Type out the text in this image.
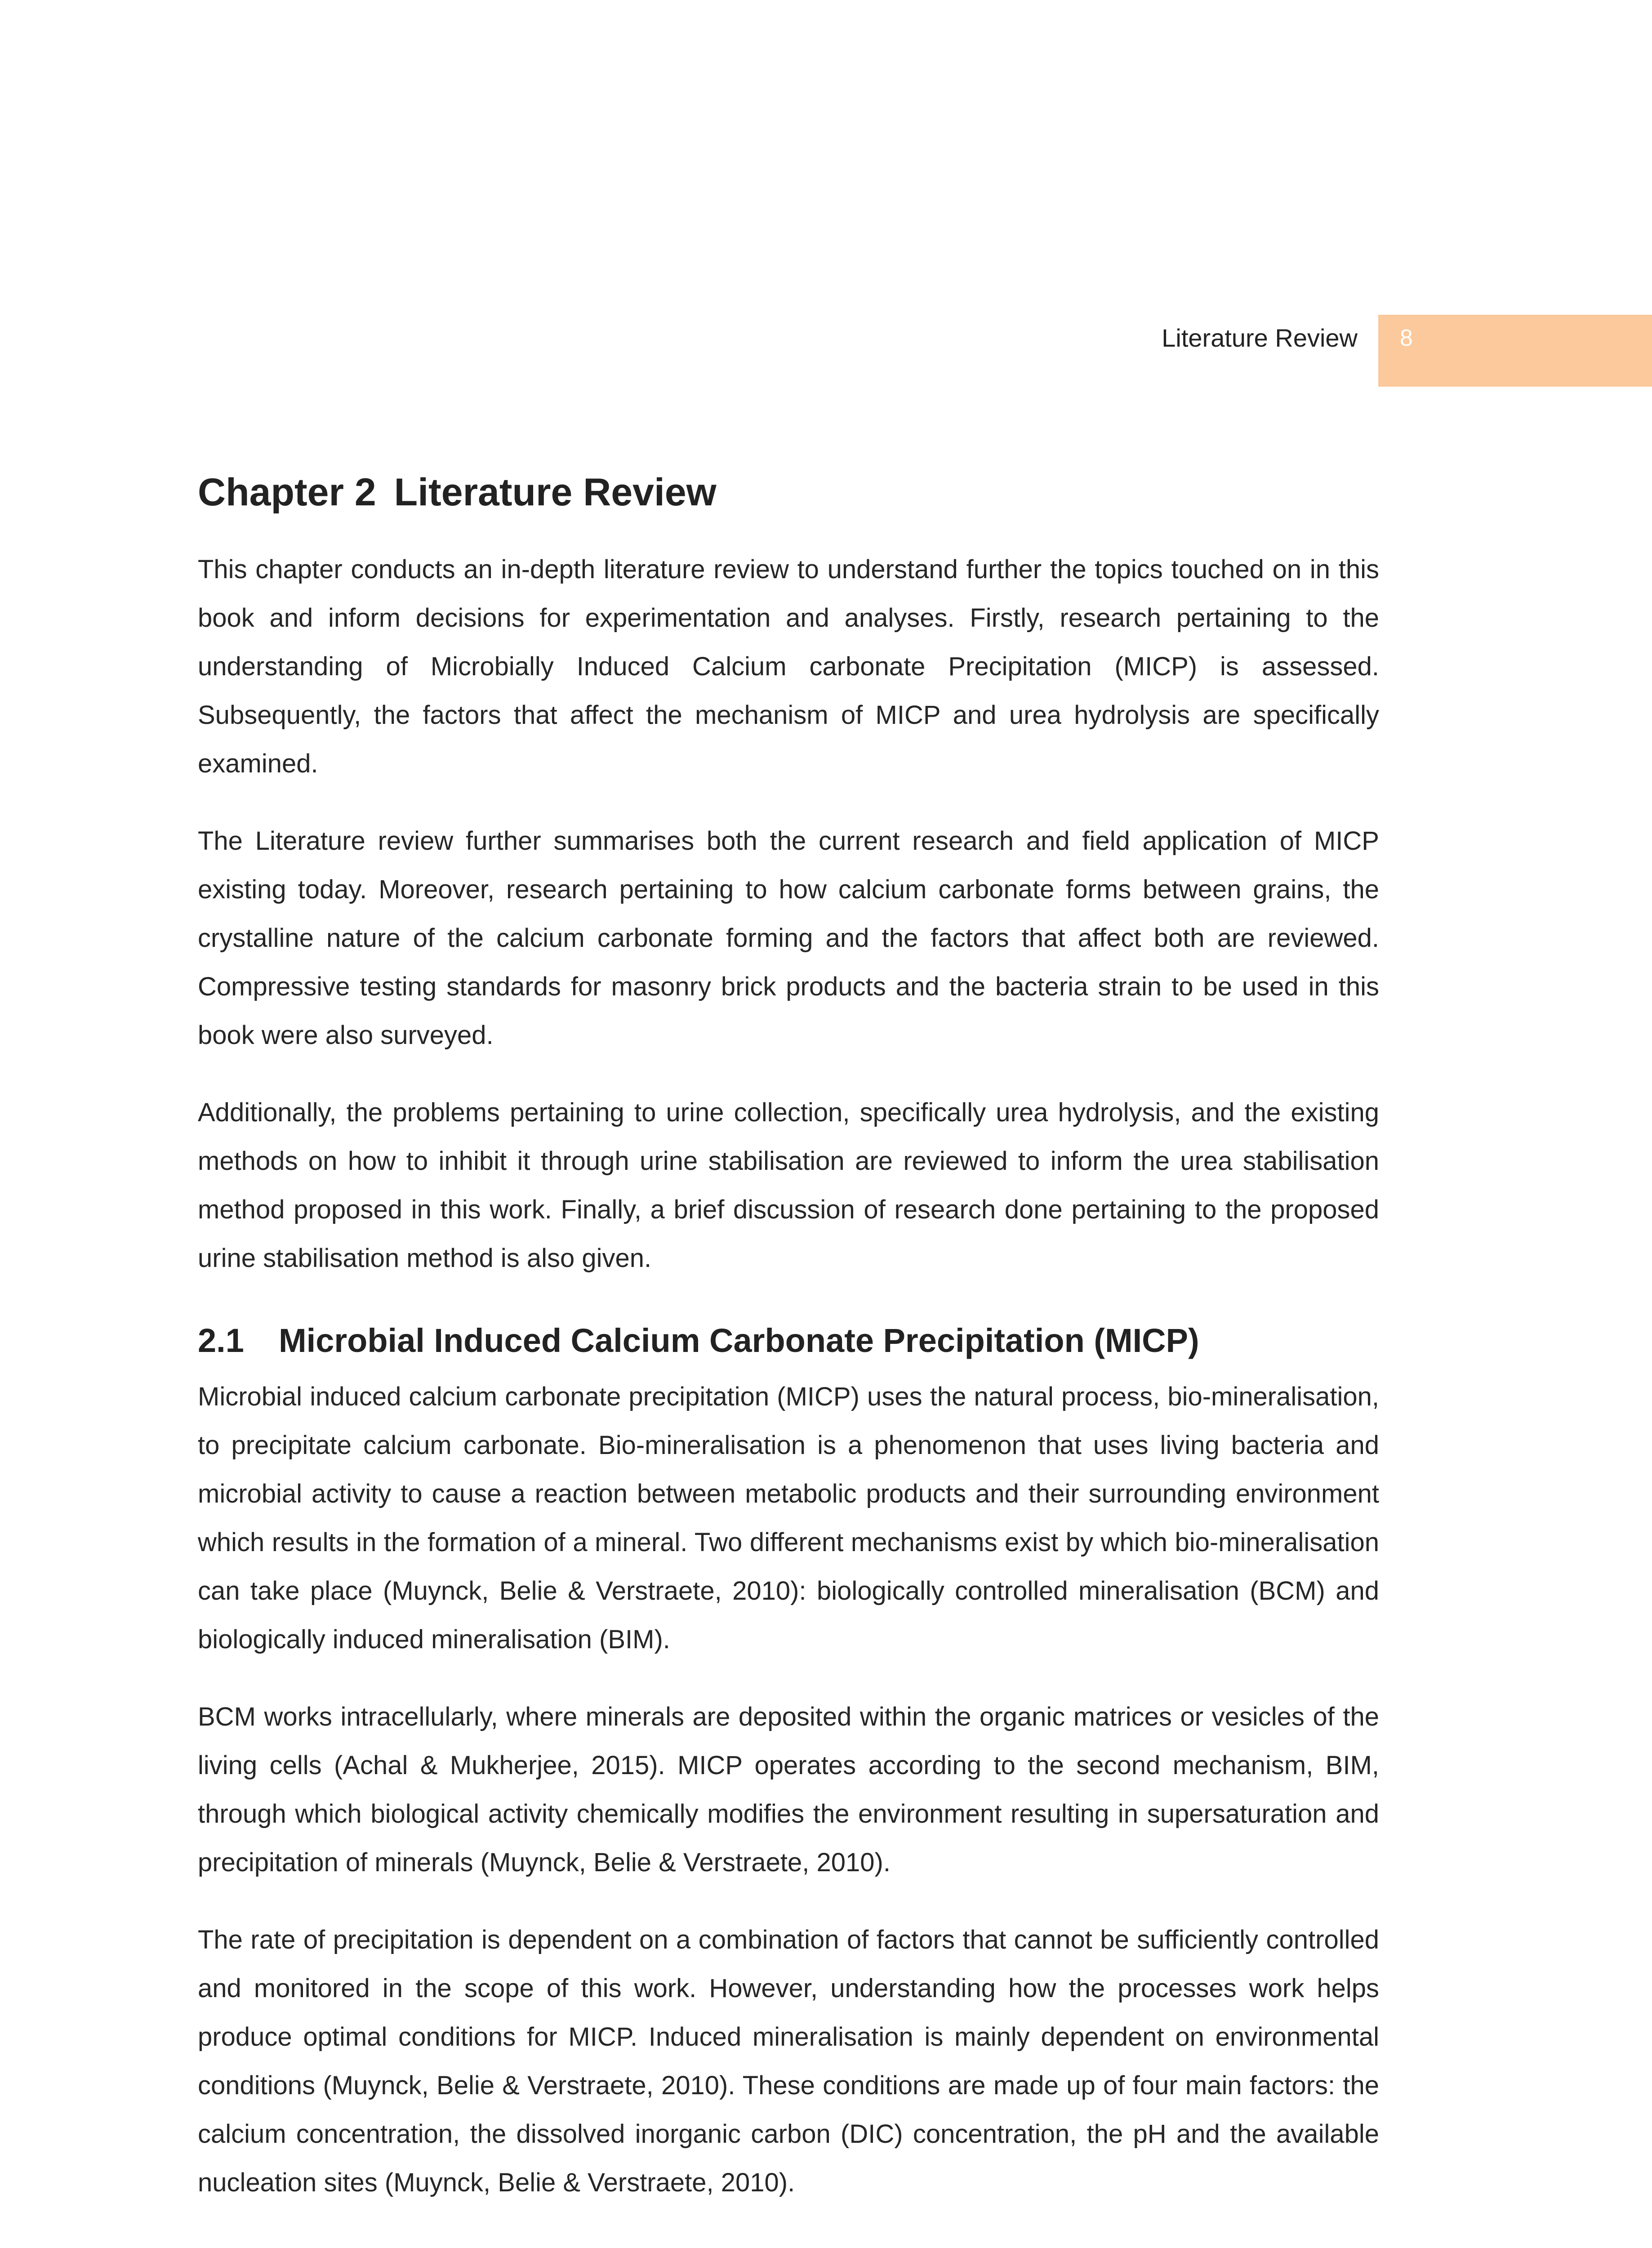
Literature Review 8
Chapter 2 Literature Review

This chapter conducts an in-depth literature review to understand further the topics touched on in this book and inform decisions for experimentation and analyses. Firstly, research pertaining to the understanding of Microbially Induced Calcium carbonate Precipitation (MICP) is assessed. Subsequently, the factors that affect the mechanism of MICP and urea hydrolysis are specifically examined.

The Literature review further summarises both the current research and field application of MICP existing today. Moreover, research pertaining to how calcium carbonate forms between grains, the crystalline nature of the calcium carbonate forming and the factors that affect both are reviewed. Compressive testing standards for masonry brick products and the bacteria strain to be used in this book were also surveyed.

Additionally, the problems pertaining to urine collection, specifically urea hydrolysis, and the existing methods on how to inhibit it through urine stabilisation are reviewed to inform the urea stabilisation method proposed in this work. Finally, a brief discussion of research done pertaining to the proposed urine stabilisation method is also given.

2.1 Microbial Induced Calcium Carbonate Precipitation (MICP)

Microbial induced calcium carbonate precipitation (MICP) uses the natural process, bio-mineralisation, to precipitate calcium carbonate. Bio-mineralisation is a phenomenon that uses living bacteria and microbial activity to cause a reaction between metabolic products and their surrounding environment which results in the formation of a mineral. Two different mechanisms exist by which bio-mineralisation can take place (Muynck, Belie & Verstraete, 2010): biologically controlled mineralisation (BCM) and biologically induced mineralisation (BIM).

BCM works intracellularly, where minerals are deposited within the organic matrices or vesicles of the living cells (Achal & Mukherjee, 2015). MICP operates according to the second mechanism, BIM, through which biological activity chemically modifies the environment resulting in supersaturation and precipitation of minerals (Muynck, Belie & Verstraete, 2010).

The rate of precipitation is dependent on a combination of factors that cannot be sufficiently controlled and monitored in the scope of this work. However, understanding how the processes work helps produce optimal conditions for MICP. Induced mineralisation is mainly dependent on environmental conditions (Muynck, Belie & Verstraete, 2010). These conditions are made up of four main factors: the calcium concentration, the dissolved inorganic carbon (DIC) concentration, the pH and the available nucleation sites (Muynck, Belie & Verstraete, 2010).
